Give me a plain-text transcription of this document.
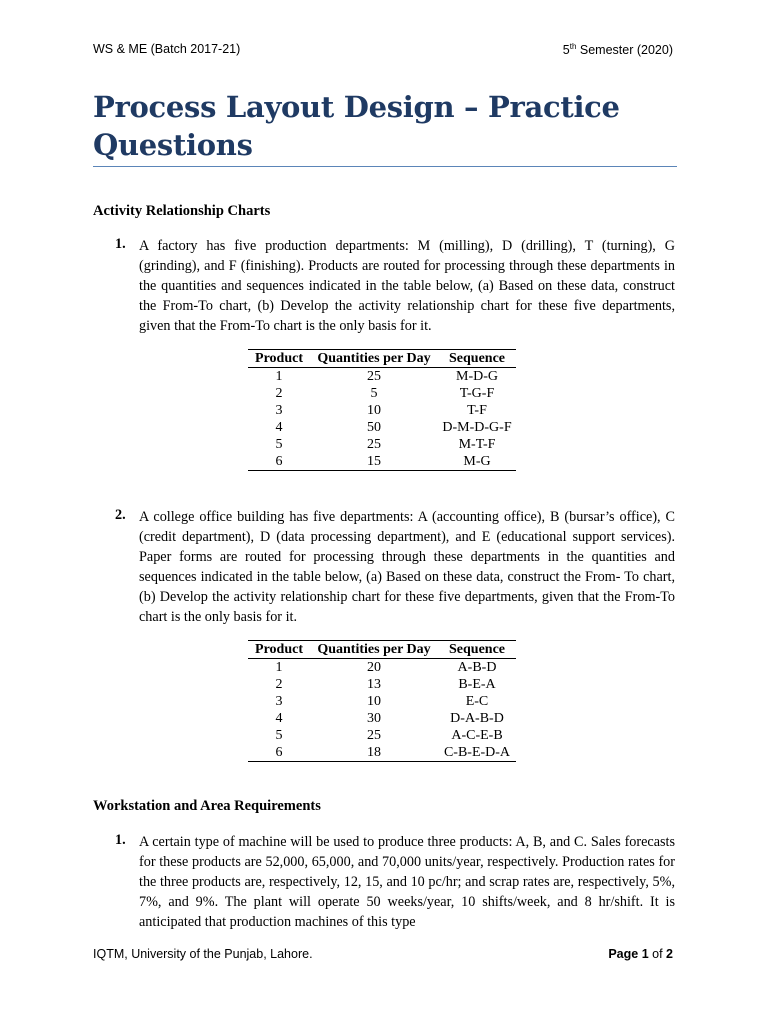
WS & ME (Batch 2017-21)	5th Semester (2020)
Process Layout Design – Practice Questions
Activity Relationship Charts
1. A factory has five production departments: M (milling), D (drilling), T (turning), G (grinding), and F (finishing). Products are routed for processing through these departments in the quantities and sequences indicated in the table below, (a) Based on these data, construct the From-To chart, (b) Develop the activity relationship chart for these five departments, given that the From-To chart is the only basis for it.
Product	Quantities per Day	Sequence
1	25	M-D-G
2	5	T-G-F
3	10	T-F
4	50	D-M-D-G-​F
5	25	M-T-F
6	15	M-G
2. A college office building has five departments: A (accounting office), B (bursar’s office), C (credit department), D (data processing department), and E (educational support services). Paper forms are routed for processing through these departments in the quantities and sequences indicated in the table below, (a) Based on these data, construct the From- To chart, (b) Develop the activity relationship chart for these five departments, given that the From-To chart is the only basis for it.
Product	Quantities per Day	Sequence
1	20	A-B-D
2	13	B-E-A
3	10	E-C
4	30	D-A-B-D
5	25	A-C-E-B
6	18	C-B-E-D-A
Workstation and Area Requirements
1. A certain type of machine will be used to produce three products: A, B, and C. Sales forecasts for these products are 52,000, 65,000, and 70,000 units/year, respectively. Production rates for the three products are, respectively, 12, 15, and 10 pc/hr; and scrap rates are, respectively, 5%, 7%, and 9%. The plant will operate 50 weeks/year, 10 shifts/week, and 8 hr/shift. It is anticipated that production machines of this type
IQTM, University of the Punjab, Lahore.	Page 1 of 2
